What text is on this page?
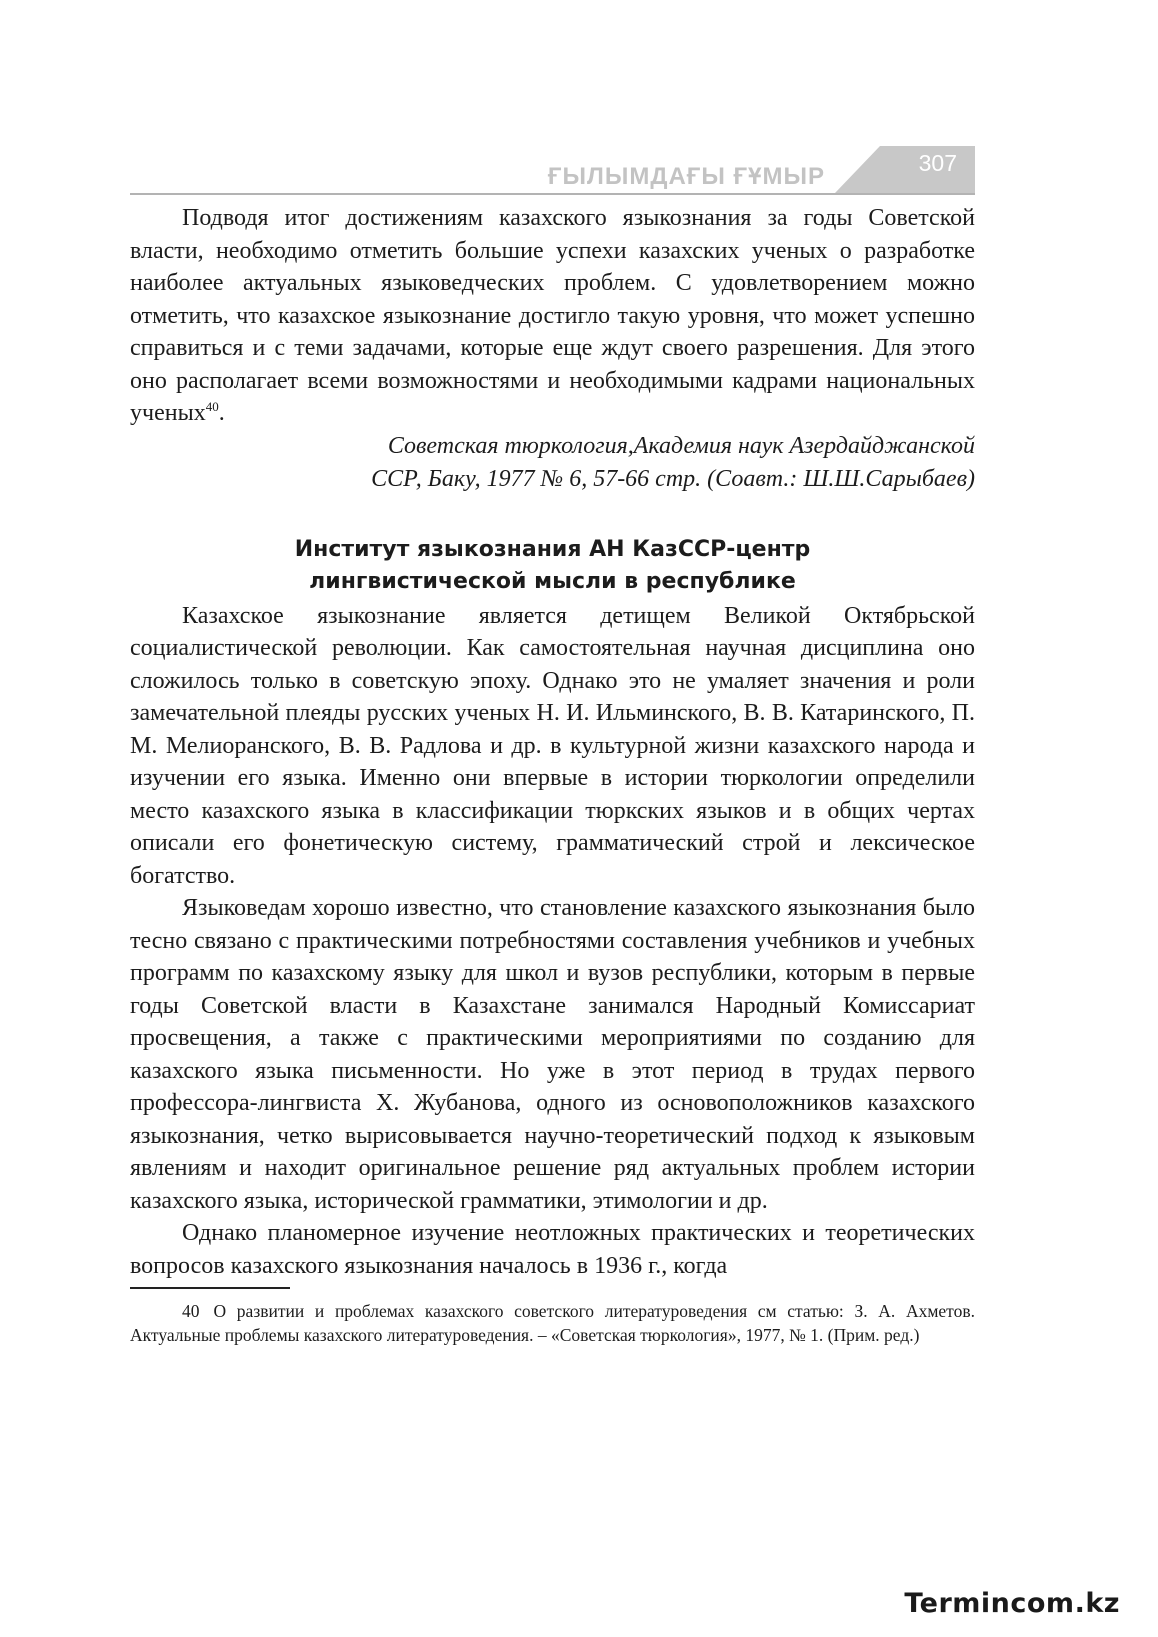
ҒЫЛЫМДАҒЫ ҒҰМЫР	307

Подводя итог достижениям казахского языкознания за годы Советской власти, необходимо отметить большие успехи казахских ученых о разработке наиболее актуальных языковедческих проблем. С удовлетворением можно отметить, что казахское языкознание достигло такую уровня, что может успешно справиться и с теми задачами, которые еще ждут своего разрешения. Для этого оно располагает всеми возможностями и необходимыми кадрами национальных ученых$^{40}$.

Советская тюркология,Академия наук Азердайджанской
ССР, Баку, 1977 № 6, 57-66 стр. (Соавт.: Ш.Ш.Сарыбаев)
Институт языкознания АН КазССР-центр
лингвистической мысли в республике

Казахское языкознание является детищем Великой Октябрьской социалистической революции. Как самостоятельная научная дисциплина оно сложилось только в советскую эпоху. Однако это не умаляет значения и роли замечательной плеяды русских ученых Н. И. Ильминского, В. В. Катаринского, П. М. Мелиоранского, В. В. Радлова и др. в культурной жизни казахского народа и изучении его языка. Именно они впервые в истории тюркологии определили место казахского языка в классификации тюркских языков и в общих чертах описали его фонетическую систему, грамматический строй и лексическое богатство.

Языковедам хорошо известно, что становление казахского языкознания было тесно связано с практическими потребностями составления учебников и учебных программ по казахскому языку для школ и вузов республики, которым в первые годы Советской власти в Казахстане занимался Народный Комиссариат просвещения, а также с практическими мероприятиями по созданию для казахского языка письменности. Но уже в этот период в трудах первого профессора-лингвиста Х. Жубанова, одного из основоположников казахского языкознания, четко вырисовывается научно-теоретический подход к языковым явлениям и находит оригинальное решение ряд актуальных проблем истории казахского языка, исторической грамматики, этимологии и др.

Однако планомерное изучение неотложных практических и теоретических вопросов казахского языкознания началось в 1936 г., когда

40 О развитии и проблемах казахского советского литературоведения см статью: З. А. Ахметов. Актуальные проблемы казахского литературоведения. – «Советская тюркология», 1977, № 1. (Прим. ред.)

Termincom.kz
